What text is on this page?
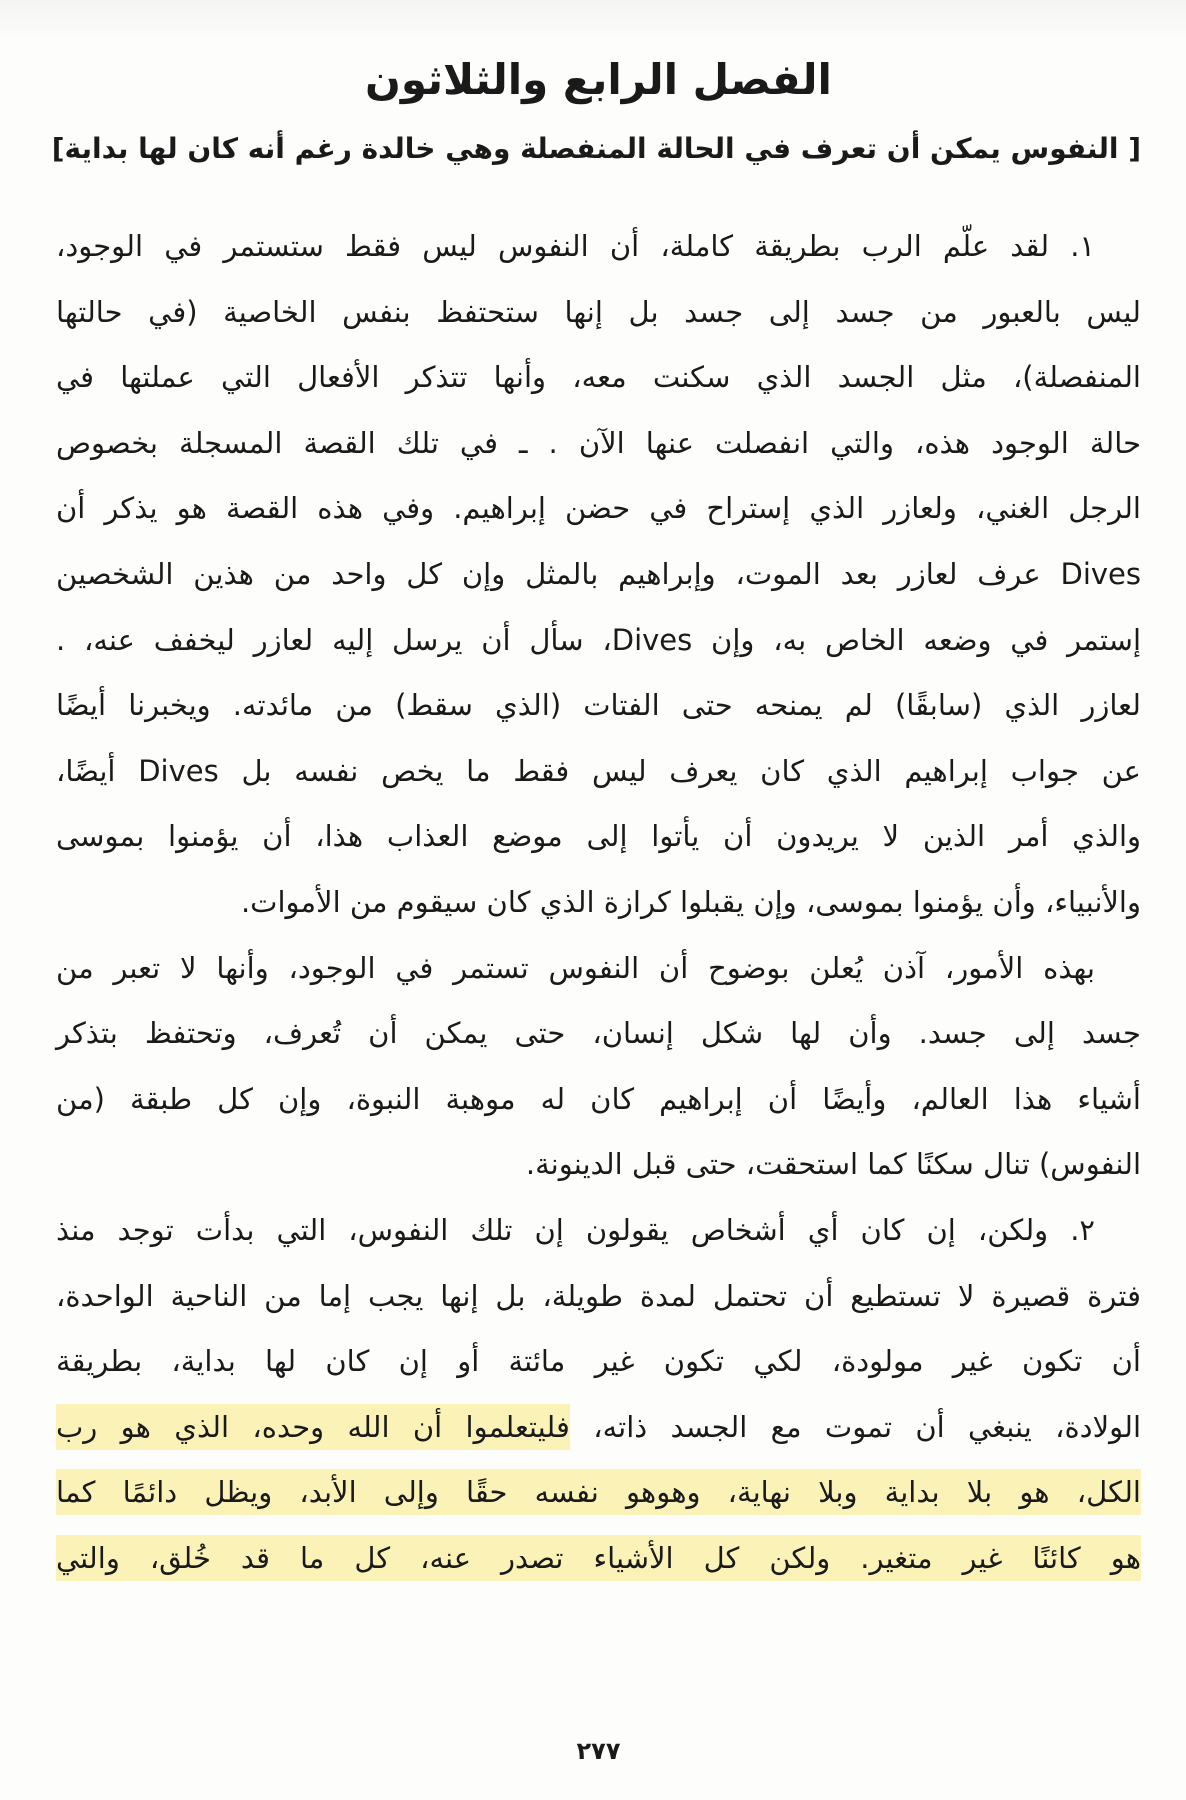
الفصل الرابع والثلاثون
[ النفوس يمكن أن تعرف في الحالة المنفصلة وهي خالدة رغم أنه كان لها بداية]
١. لقد علّم الرب بطريقة كاملة، أن النفوس ليس فقط ستستمر في الوجود،
ليس بالعبور من جسد إلى جسد بل إنها ستحتفظ بنفس الخاصية (في حالتها
المنفصلة)، مثل الجسد الذي سكنت معه، وأنها تتذكر الأفعال التي عملتها في
حالة الوجود هذه، والتي انفصلت عنها الآن . ـ في تلك القصة المسجلة بخصوص
الرجل الغني، ولعازر الذي إستراح في حضن إبراهيم. وفي هذه القصة هو يذكر أن
Dives عرف لعازر بعد الموت، وإبراهيم بالمثل وإن كل واحد من هذين الشخصين
إستمر في وضعه الخاص به، وإن Dives، سأل أن يرسل إليه لعازر ليخفف عنه، .
لعازر الذي (سابقًا) لم يمنحه حتى الفتات (الذي سقط) من مائدته. ويخبرنا أيضًا
عن جواب إبراهيم الذي كان يعرف ليس فقط ما يخص نفسه بل Dives أيضًا،
والذي أمر الذين لا يريدون أن يأتوا إلى موضع العذاب هذا، أن يؤمنوا بموسى
والأنبياء، وأن يؤمنوا بموسى، وإن يقبلوا كرازة الذي كان سيقوم من الأموات.
بهذه الأمور، آذن يُعلن بوضوح أن النفوس تستمر في الوجود، وأنها لا تعبر من
جسد إلى جسد. وأن لها شكل إنسان، حتى يمكن أن تُعرف، وتحتفظ بتذكر
أشياء هذا العالم، وأيضًا أن إبراهيم كان له موهبة النبوة، وإن كل طبقة (من
النفوس) تنال سكنًا كما استحقت، حتى قبل الدينونة.
٢. ولكن، إن كان أي أشخاص يقولون إن تلك النفوس، التي بدأت توجد منذ
فترة قصيرة لا تستطيع أن تحتمل لمدة طويلة، بل إنها يجب إما من الناحية الواحدة،
أن تكون غير مولودة، لكي تكون غير مائتة أو إن كان لها بداية، بطريقة
الولادة، ينبغي أن تموت مع الجسد ذاته، فليتعلموا أن الله وحده، الذي هو رب
الكل، هو بلا بداية وبلا نهاية، وهوهو نفسه حقًا وإلى الأبد، ويظل دائمًا كما
هو كائنًا غير متغير. ولكن كل الأشياء تصدر عنه، كل ما قد خُلق، والتي
٢٧٧
